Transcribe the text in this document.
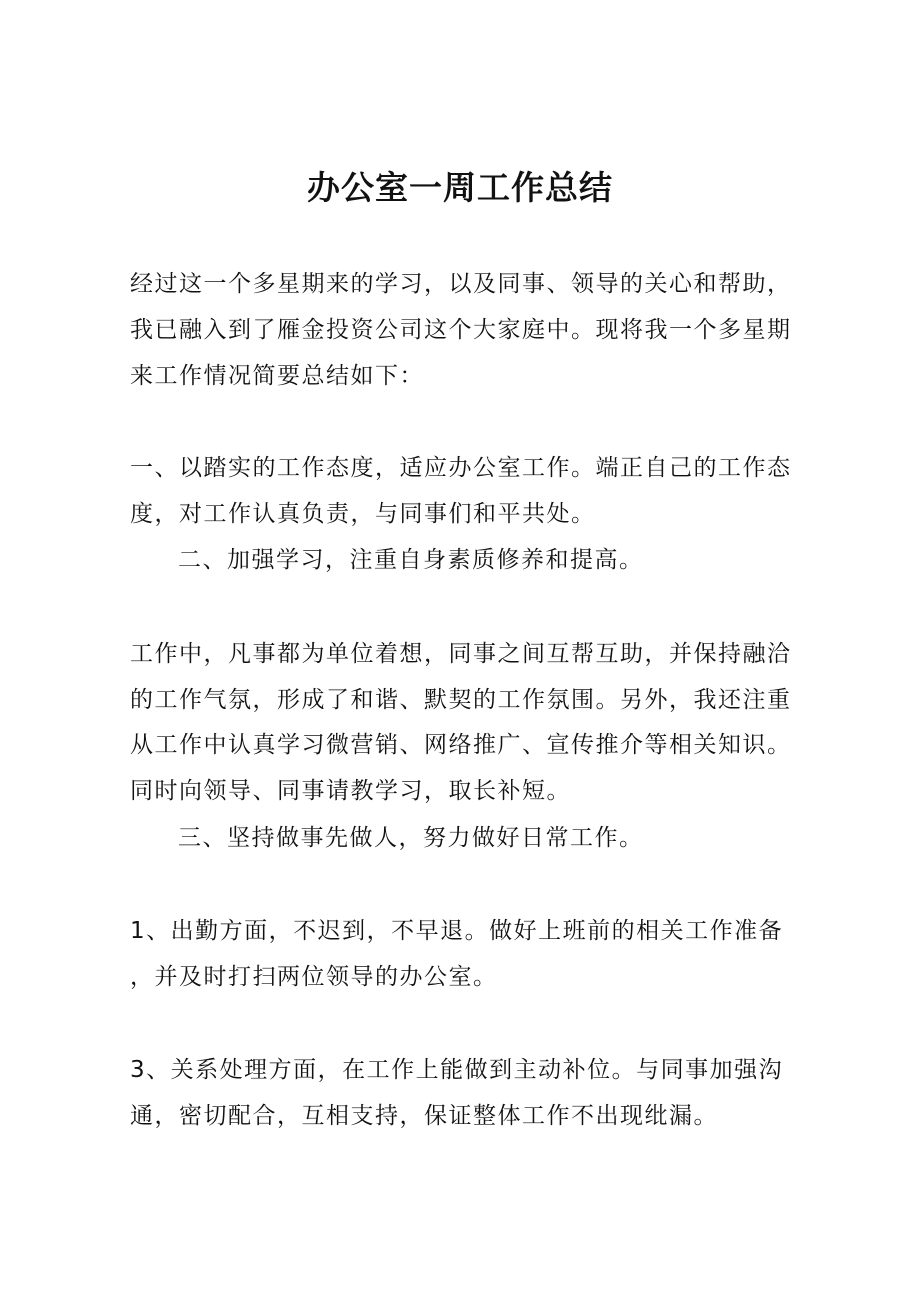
办公室一周工作总结

经过这一个多星期来的学习，以及同事、领导的关心和帮助，

我已融入到了雁金投资公司这个大家庭中。现将我一个多星期

来工作情况简要总结如下：

一、以踏实的工作态度，适应办公室工作。端正自己的工作态

度，对工作认真负责，与同事们和平共处。

二、加强学习，注重自身素质修养和提高。

工作中，凡事都为单位着想，同事之间互帮互助，并保持融洽

的工作气氛，形成了和谐、默契的工作氛围。另外，我还注重

从工作中认真学习微营销、网络推广、宣传推介等相关知识。

同时向领导、同事请教学习，取长补短。

三、坚持做事先做人，努力做好日常工作。

1、出勤方面，不迟到，不早退。做好上班前的相关工作准备

，并及时打扫两位领导的办公室。

3、关系处理方面，在工作上能做到主动补位。与同事加强沟

通，密切配合，互相支持，保证整体工作不出现纰漏。
